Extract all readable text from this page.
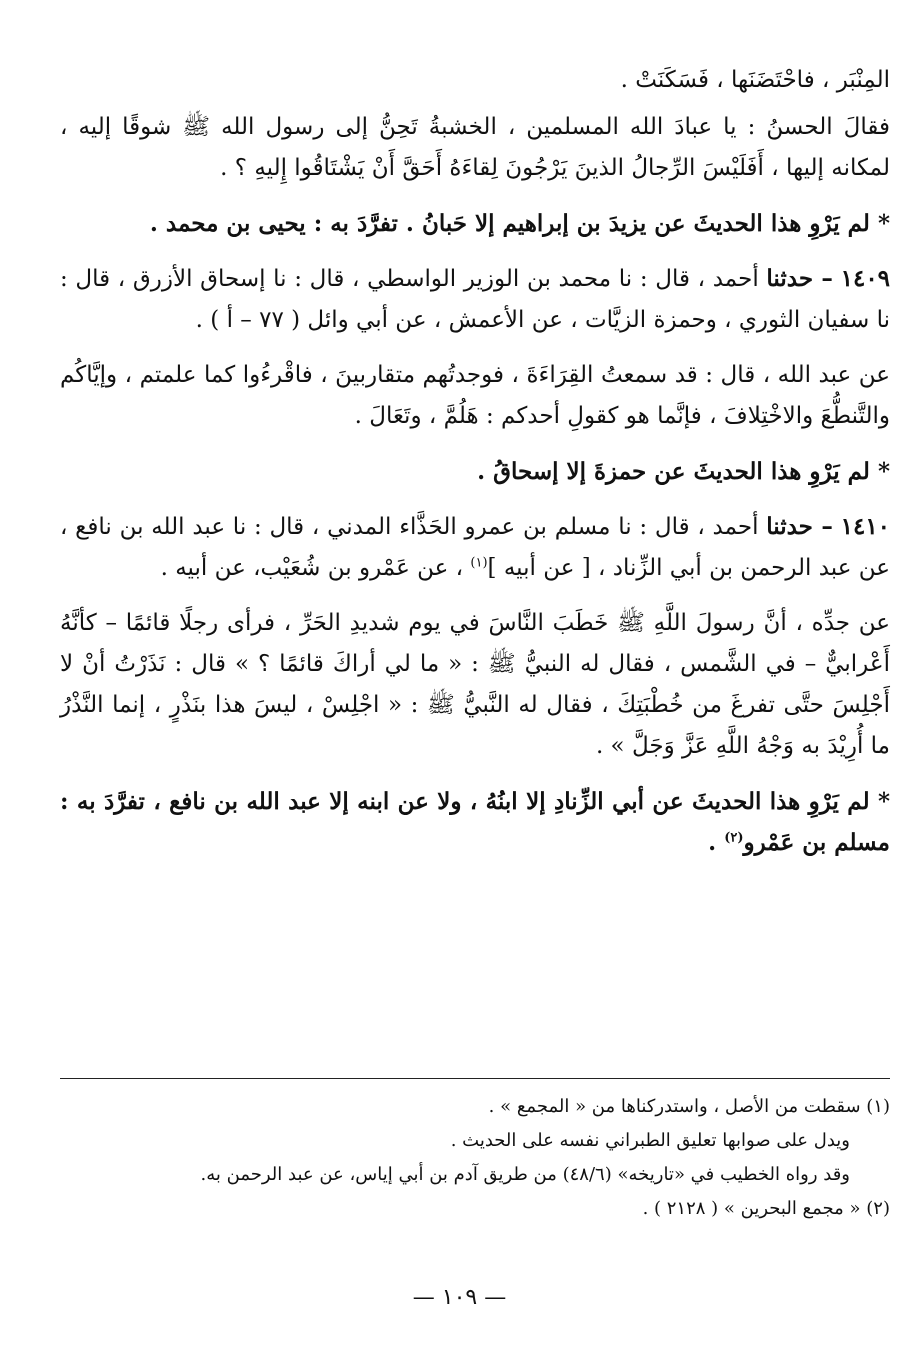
المِنْبَر ، فاحْتَضَنَها ، فَسَكَنَتْ .

فقالَ الحسنُ : يا عبادَ الله المسلمين ، الخشبةُ تَحِنُّ إلى رسول الله ﷺ شوقًا إليه ، لمكانه إليها ، أَفَلَيْسَ الرِّجالُ الذينَ يَرْجُونَ لِقاءَهُ أَحَقَّ أَنْ يَشْتَاقُوا إِليهِ ؟ .

* لم يَرْوِ هذا الحديثَ عن يزيدَ بن إبراهيم إلا حَبانُ . تفرَّدَ به : يحيى بن محمد .

١٤٠٩ – حدثنا أحمد ، قال : نا محمد بن الوزير الواسطي ، قال : نا إسحاق الأزرق ، قال : نا سفيان الثوري ، وحمزة الزيَّات ، عن الأعمش ، عن أبي وائل ( ٧٧ – أ ) .

عن عبد الله ، قال : قد سمعتُ القِرَاءَةَ ، فوجدتُهم متقاربينَ ، فاقْرءُوا كما علمتم ، وإيَّاكُم والتَّنطُّعَ والاخْتِلافَ ، فإنَّما هو كقولِ أحدكم : هَلُمَّ ، وتَعَالَ .

* لم يَرْوِ هذا الحديثَ عن حمزةَ إلا إسحاقُ .

١٤١٠ – حدثنا أحمد ، قال : نا مسلم بن عمرو الحَذَّاء المدني ، قال : نا عبد الله بن نافع ، عن عبد الرحمن بن أبي الزِّناد ، [ عن أبيه ]$^{(١)}$ ، عن عَمْرو بن شُعَيْب، عن أبيه .

عن جدِّه ، أنَّ رسولَ اللَّهِ ﷺ خَطَبَ النَّاسَ في يوم شديدِ الحَرِّ ، فرأى رجلًا قائمًا – كأنَّهُ أَعْرابيٌّ – في الشَّمس ، فقال له النبيُّ ﷺ : « ما لي أراكَ قائمًا ؟ » قال : نَذَرْتُ أنْ لا أَجْلِسَ حتَّى تفرغَ من خُطْبَتِكَ ، فقال له النَّبيُّ ﷺ : « اجْلِسْ ، ليسَ هذا بنَذْرٍ ، إنما النَّذْرُ ما أُرِيْدَ به وَجْهُ اللَّهِ عَزَّ وَجَلَّ » .

* لم يَرْوِ هذا الحديثَ عن أبي الزِّنادِ إلا ابنُهُ ، ولا عن ابنه إلا عبد الله بن نافع ، تفرَّدَ به : مسلم بن عَمْرو$^{(٢)}$ .

(١) سقطت من الأصل ، واستدركناها من « المجمع » .

ويدل على صوابها تعليق الطبراني نفسه على الحديث .

وقد رواه الخطيب في «تاريخه» (٤٨/٦) من طريق آدم بن أبي إياس، عن عبد الرحمن به.

(٢) « مجمع البحرين » ( ٢١٢٨ ) .

— ١٠٩ —
